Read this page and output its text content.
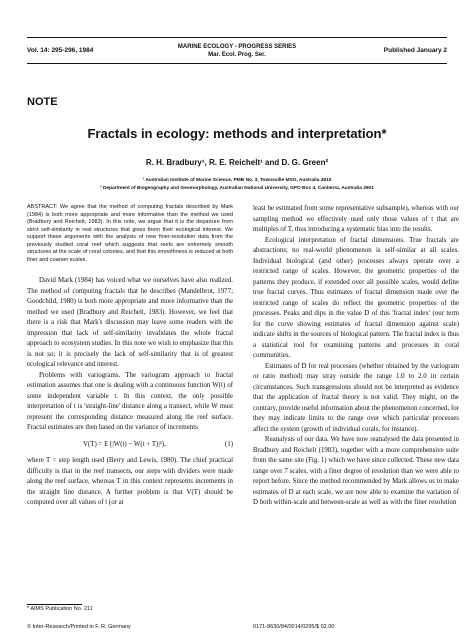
Vol. 14: 295-296, 1984
MARINE ECOLOGY - PROGRESS SERIES
Mar. Ecol. Prog. Ser.
Published January 2
NOTE
Fractals in ecology: methods and interpretation*
R. H. Bradbury¹, R. E. Reichelt¹ and D. G. Green²
¹ Australian Institute of Marine Science, PMB No. 3, Townsville MSO, Australia 4810
² Department of Biogeography and Geomorphology, Australian National University, GPO Box 4, Canberra, Australia 2601

ABSTRACT: We agree that the method of computing fractals described by Mark (1984) is both more appropriate and more informative than the method we used (Bradbury and Reichelt, 1983). In this note, we argue that it is the departure from strict self-similarity in real structures that gives them their ecological interest. We support these arguments with the analysis of new finer-resolution data from the previously studied coral reef which suggests that reefs are extremely smooth structures at the scale of coral colonies, and that this smoothness is reduced at both finer and coarser scales.

David Mark (1984) has voiced what we ourselves have also realized. The method of computing fractals that he describes (Mandelbrot, 1977; Goodchild, 1980) is both more appropriate and more informative than the method we used (Bradbury and Reichelt, 1983). However, we feel that there is a risk that Mark's discussion may leave some readers with the impression that lack of self-similarity invalidates the whole fractal approach to ecosystem studies. In this note we wish to emphasize that this is not so; it is precisely the lack of self-similarity that is of greatest ecological relevance and interest.

Problems with variograms. The variogram approach to fractal estimation assumes that one is dealing with a continuous function W(t) of some independent variable t. In this context, the only possible interpretation of t is 'straight-line' distance along a transect, while W must represent the corresponding distance measured along the reef surface. Fractal estimates are then based on the variance of increments

V(T) = E [|W(t) − W(t + T)|²),	(1)

where T = step length used (Berry and Lewis, 1980). The chief practical difficulty is that in the reef transects, our steps with dividers were made along the reef surface, whereas T in this context represents increments in the straight line distance. A further problem is that V(T) should be computed over all values of t (or at

least be estimated from some representative subsample), whereas with our sampling method we effectively used only those values of t that are multiples of T, thus introducing a systematic bias into the results.

Ecological interpretation of fractal dimensions. True fractals are abstractions; no real-world phenomenon is self-similar at all scales. Individual biological (and other) processes always operate over a restricted range of scales. However, the geometric properties of the patterns they produce, if extended over all possible scales, would define true fractal curves. Thus estimates of fractal dimension made over the restricted range of scales do reflect the geometric properties of the processes. Peaks and dips in the value D of this 'fractal index' (our term for the curve showing estimates of fractal dimension against scale) indicate shifts in the sources of biological pattern. The fractal index is thus a statistical tool for examining patterns and processes in coral communities.

Estimates of D for real processes (whether obtained by the variogram or ratio method) may stray outside the range 1.0 to 2.0 in certain circumstances. Such transgressions should not be interpreted as evidence that the application of fractal theory is not valid. They might, on the contrary, provide useful information about the phenomenon concerned, for they may indicate limits to the range over which particular processes affect the system (growth of individual corals, for instance).

Reanalysis of our data. We have now reanalysed the data presented in Bradbury and Reichelt (1983), together with a more comprehensive suite from the same site (Fig. 1) which we have since collected. These new data range over 7 scales, with a finer degree of resolution than we were able to report before. Since the method recommended by Mark allows us to make estimates of D at each scale, we are now able to examine the variation of D both within-scale and between-scale as well as with the finer resolution

* AIMS Publication No. 211
© Inter-Research/Printed in F. R. Germany	0171-8630/84/0014/0295/$ 02.00
